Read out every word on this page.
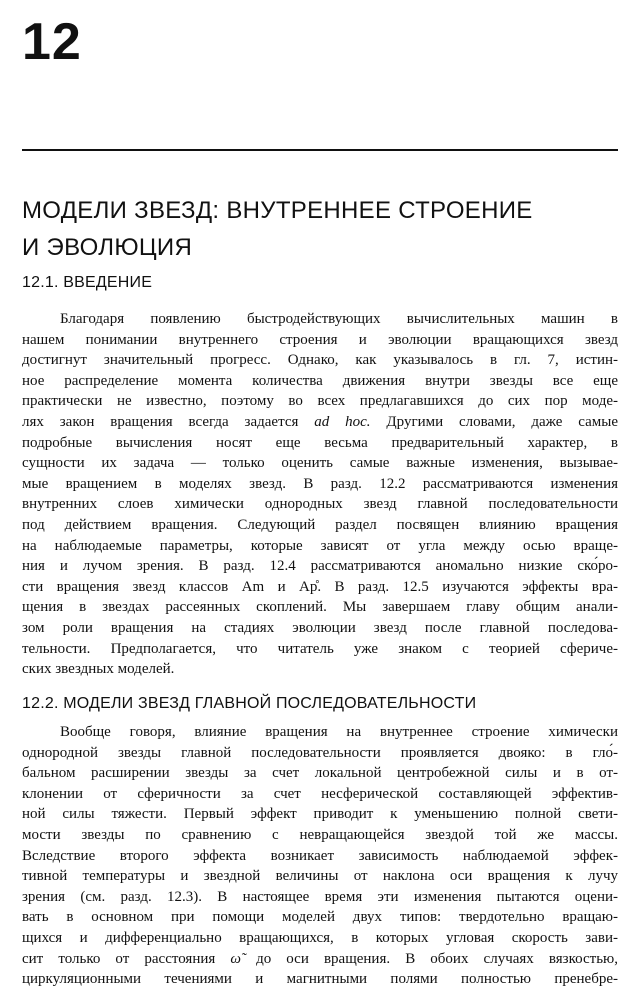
12
МОДЕЛИ ЗВЕЗД: ВНУТРЕННЕЕ СТРОЕНИЕ
И ЭВОЛЮЦИЯ
12.1. ВВЕДЕНИЕ
Благодаря появлению быстродействующих вычислительных машин в
нашем понимании внутреннего строения и эволюции вращающихся звезд
достигнут значительный прогресс. Однако, как указывалось в гл. 7, истин-
ное распределение момента количества движения внутри звезды все еще
практически не известно, поэтому во всех предлагавшихся до сих пор моде-
лях закон вращения всегда задается ad hoc. Другими словами, даже самые
подробные вычисления носят еще весьма предварительный характер, в
сущности их задача — только оценить самые важные изменения, вызывае-
мые вращением в моделях звезд. В разд. 12.2 рассматриваются изменения
внутренних слоев химически однородных звезд главной последовательности
под действием вращения. Следующий раздел посвящен влиянию вращения
на наблюдаемые параметры, которые зависят от угла между осью враще-
ния и лучом зрения. В разд. 12.4 рассматриваются аномально низкие ско́ро-
сти вращения звезд классов Am и Ap̊. В разд. 12.5 изучаются эффекты вра-
щения в звездах рассеянных скоплений. Мы завершаем главу общим анали-
зом роли вращения на стадиях эволюции звезд после главной последова-
тельности. Предполагается, что читатель уже знаком с теорией сфериче-
ских звездных моделей.
12.2. МОДЕЛИ ЗВЕЗД ГЛАВНОЙ ПОСЛЕДОВАТЕЛЬНОСТИ
Вообще говоря, влияние вращения на внутреннее строение химически
однородной звезды главной последовательности проявляется двояко: в гло́-
бальном расширении звезды за счет локальной центробежной силы и в от-
клонении от сферичности за счет несферической составляющей эффектив-
ной силы тяжести. Первый эффект приводит к уменьшению полной свети-
мости звезды по сравнению с невращающейся звездой той же массы.
Вследствие второго эффекта возникает зависимость наблюдаемой эффек-
тивной температуры и звездной величины от наклона оси вращения к лучу
зрения (см. разд. 12.3). В настоящее время эти изменения пытаются оцени-
вать в основном при помощи моделей двух типов: твердотельно вращаю-
щихся и дифференциально вращающихся, в которых угловая скорость зави-
сит только от расстояния ω̃ до оси вращения. В обоих случаях вязкостью,
циркуляционными течениями и магнитными полями полностью пренебре-
